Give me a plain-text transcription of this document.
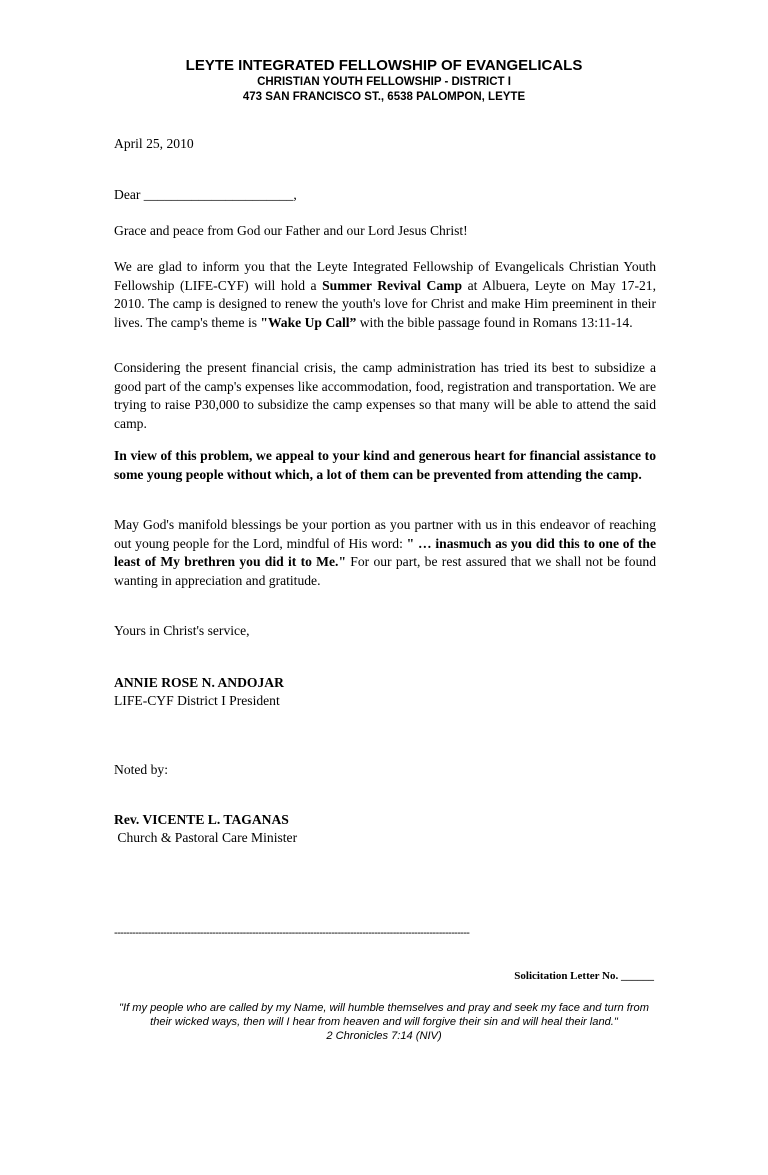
LEYTE INTEGRATED FELLOWSHIP OF EVANGELICALS
CHRISTIAN YOUTH FELLOWSHIP - DISTRICT I
473 SAN FRANCISCO ST., 6538 PALOMPON, LEYTE
April 25, 2010
Dear ______________________,
Grace and peace from God our Father and our Lord Jesus Christ!

We are glad to inform you that the Leyte Integrated Fellowship of Evangelicals Christian Youth Fellowship (LIFE-CYF) will hold a Summer Revival Camp at Albuera, Leyte on May 17-21, 2010. The camp is designed to renew the youth's love for Christ and make Him preeminent in their lives. The camp's theme is "Wake Up Call” with the bible passage found in Romans 13:11-14.

Considering the present financial crisis, the camp administration has tried its best to subsidize a good part of the camp's expenses like accommodation, food, registration and transportation. We are trying to raise P30,000 to subsidize the camp expenses so that many will be able to attend the said camp.

In view of this problem, we appeal to your kind and generous heart for financial assistance to some young people without which, a lot of them can be prevented from attending the camp.

May God's manifold blessings be your portion as you partner with us in this endeavor of reaching out young people for the Lord, mindful of His word: " … inasmuch as you did this to one of the least of My brethren you did it to Me." For our part, be rest assured that we shall not be found wanting in appreciation and gratitude.

Yours in Christ's service,
ANNIE ROSE N. ANDOJAR
LIFE-CYF District I President
Noted by:
Rev. VICENTE L. TAGANAS
Church & Pastoral Care Minister
--------------------------------------------------------------------------------------------------------------------
Solicitation Letter No. ______
"If my people who are called by my Name, will humble themselves and pray and seek my face and turn from
their wicked ways, then will I hear from heaven and will forgive their sin and will heal their land."
2 Chronicles 7:14 (NIV)
